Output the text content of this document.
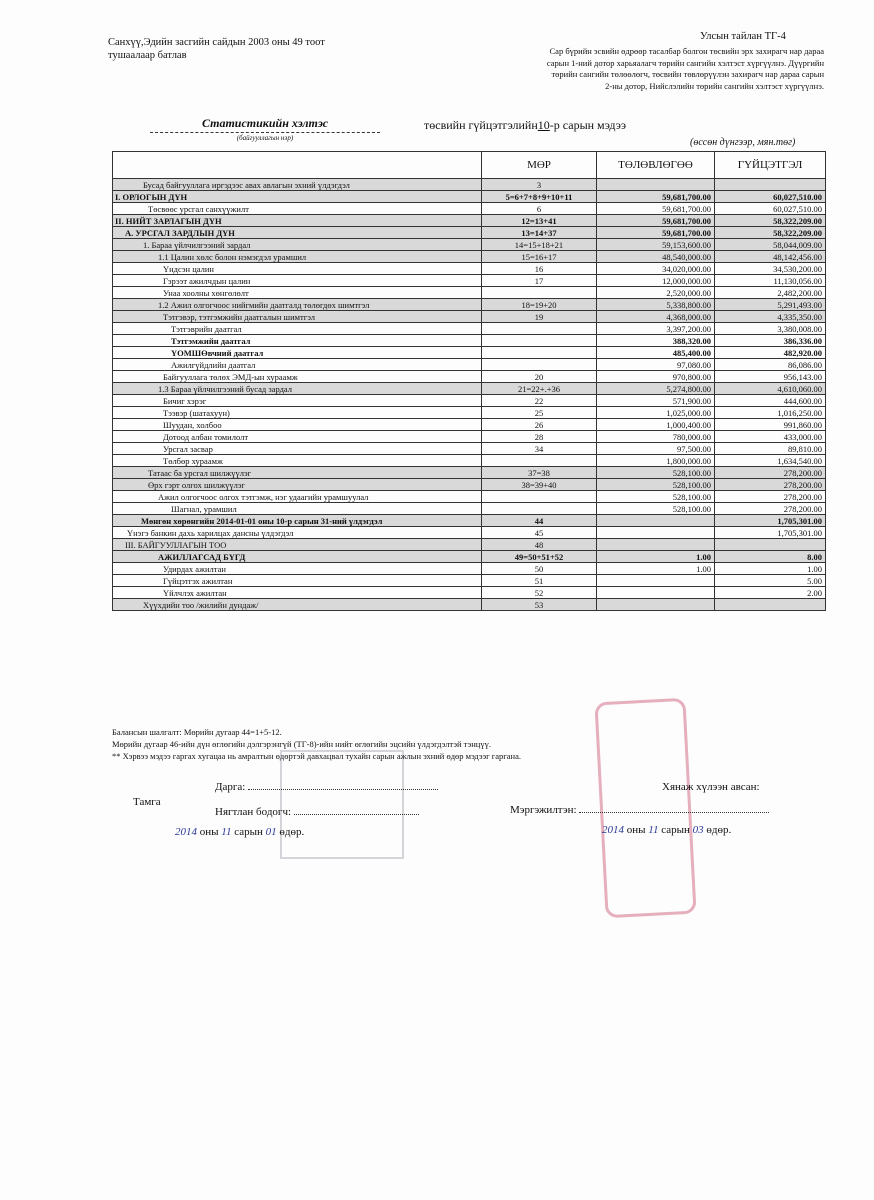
Санхүү,Эдийн засгийн сайдын 2003 оны 49 тоот
тушаалаар батлав
Улсын тайлан ТГ-4
Сар бүрийн эсвийн өдрөөр тасалбар болгон төсвийн эрх захирагч нар дараа
сарын 1-ний дотор харьяалагч төрийн сангийн хэлтэст хүргүүлнэ. Дүүргийн
төрийн сангийн төлөөлөгч, төсвийн төвлөрүүлэн захирагч нар дараа сарын
2-ны дотор, Нийслэлийн төрийн сангийн хэлтэст хүргүүлнэ.
Статистикийн хэлтэс
(байгууллагын нэр)
төсвийн гүйцэтгэлийн10-р сарын мэдээ
(өссөн дүнгээр, мян.төг)
	МӨР	ТӨЛӨВЛӨГӨӨ	ГҮЙЦЭТГЭЛ
Бусад байгууллага иргэдээс авах авлагын эхний үлдэгдэл	3		
I. ОРЛОГЫН ДҮН	5=6+7+8+9+10+11	59,681,700.00	60,027,510.00
Төсвөөс урсгал санхүүжилт	6	59,681,700.00	60,027,510.00
II. НИЙТ ЗАРЛАГЫН ДҮН	12=13+41	59,681,700.00	58,322,209.00
А. УРСГАЛ ЗАРДЛЫН ДҮН	13=14+37	59,681,700.00	58,322,209.00
1. Бараа үйлчилгээний зардал	14=15+18+21	59,153,600.00	58,044,009.00
1.1 Цалин хөлс болон нэмэгдэл урамшил	15=16+17	48,540,000.00	48,142,456.00
Үндсэн цалин	16	34,020,000.00	34,530,200.00
Гэрээт ажилчдын цалин	17	12,000,000.00	11,130,056.00
Унаа хоолны хөнгөлөлт		2,520,000.00	2,482,200.00
1.2 Ажил олгогчоос нийгмийн даатгалд төлөгдөх шимтгэл	18=19+20	5,338,800.00	5,291,493.00
Тэтгэвэр, тэтгэмжийн даатгалын шимтгэл	19	4,368,000.00	4,335,350.00
Тэтгэврийн даатгал		3,397,200.00	3,380,008.00
Тэтгэмжийн даатгал		388,320.00	386,336.00
ҮОМШӨвчний даатгал		485,400.00	482,920.00
Ажилгүйдлийн даатгал		97,080.00	86,086.00
Байгууллага төлөх ЭМД-ын хураамж	20	970,800.00	956,143.00
1.3 Бараа үйлчилгээний бусад зардал	21=22+.+36	5,274,800.00	4,610,060.00
Бичиг хэрэг	22	571,900.00	444,600.00
Тээвэр (шатахуун)	25	1,025,000.00	1,016,250.00
Шуудан, холбоо	26	1,000,400.00	991,860.00
Дотоод албан томилолт	28	780,000.00	433,000.00
Урсгал засвар	34	97,500.00	89,810.00
Төлбөр хураамж		1,800,000.00	1,634,540.00
Татаас ба урсгал шилжүүлэг	37=38	528,100.00	278,200.00
Өрх гэрт олгох шилжүүлэг	38=39+40	528,100.00	278,200.00
Ажил олгогчоос олгох тэтгэмж, нэг удаагийн урамшуулал		528,100.00	278,200.00
Шагнал, урамшил		528,100.00	278,200.00
Мөнгөн хөрөнгийн 2014-01-01 оны 10-р сарын 31-ний үлдэгдэл	44		1,705,301.00
Үнэгэ банкин дахь харилцах дансны үлдэгдэл	45		1,705,301.00
III. БАЙГУУЛЛАГЫН ТОО	48		
АЖИЛЛАГСАД БҮГД	49=50+51+52	1.00	8.00
Удирдах ажилтан	50	1.00	1.00
Гүйцэтгэх ажилтан	51		5.00
Үйлчлэх ажилтан	52		2.00
Хүүхдийн тоо /жилийн дундаж/	53		
Балансын шалгалт: Мөрийн дугаар 44=1+5-12.
Мөрийн дугаар 46-ийн дүн өглөгийн дэлгэрэнгүй (ТГ-8)-ийн нийт өглөгийн эцсийн үлдэгдэлтэй тэнцүү.
** Хэрвээ мэдээ гаргах хугацаа нь амралтын өдөртэй давхацвал тухайн сарын ажлын эхний өдөр мэдээг гаргана.
Дарга:
Тамга
Нягтлан бодогч:
2014 оны 11 сарын 01 өдөр.
Хянаж хүлээн авсан:
Мэргэжилтэн:
2014 оны 11 сарын 03 өдөр.
